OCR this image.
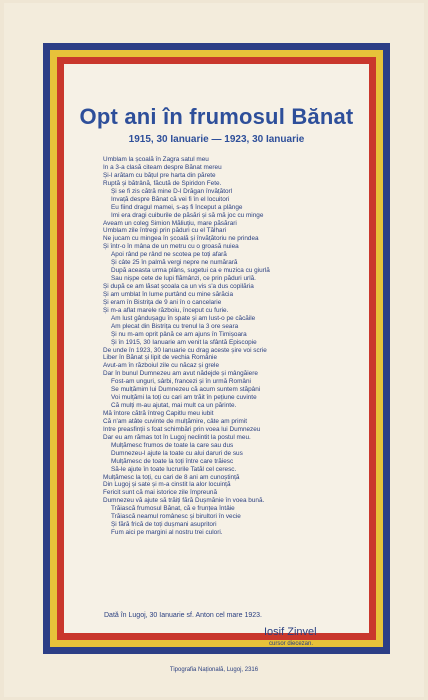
Opt ani în frumosul Bănat
1915, 30 Ianuarie — 1923, 30 Ianuarie
Umblam la școală în Zagra satul meu
In a 3-a clasă citeam despre Bănat mereu
Și-l arătam cu bățul pre harta din părete
Ruptă și bătrână, făcută de Spiridon Fete.
Și se fi zis cătră mine D-l Drăgan învățătorl
Invață despre Bănat că vei fi în el locuitori
Eu fiind dragul mamei, s-aș fi început a plânge
Imi era dragi cuiburile de păsări și să mă joc cu minge
Aveam un coleg Simion Măliuțiu, mare păsărari
Umblam zile întregi prin păduri cu el Tălhari
Ne jucam cu mingea în școală și învățătoriu ne prindea
Și într-o în mâna de un metru cu o groasă nuiea
Apoi rând pe rând ne scotea pe toți afară
Și câte 25 în palmă vergi nepre ne numărară
După aceasta urma plâns, sugetui ca e muzica cu giurlă
Sau nișpe cete de lupi flămânzi, ce prin păduri urlă.
Și după ce am lăsat școala ca un vis s'a dus copilăria
Și am umblat în lume purtând cu mine sărăcia
Și eram în Bistrița de 9 ani în o cancelarie
Și m-a aflat marele războiu, început cu furie.
Am lust gândușagu în spate și am lust-o pe căcăile
Am plecat din Bistrița cu trenul la 3 ore seara
Și nu m-am oprit până ce am ajuns în Timișoara
Și în 1915, 30 Ianuarie am venit la sfântă Episcopie
De unde în 1923, 30 Ianuarie cu drag aceste șire voi scrie
Liber în Bănat și lipit de vechia Românie
Avut-am în războiul zile cu năcaz și grele
Dar în bunul Dumnezeu am avut nădejde și mângăiere
Fost-am unguri, sârbi, francezi și în urmă Români
Se mulțămim lui Dumnezeu că acum suntem stăpâni
Voi mulțămi la toți cu cari am trăit în pețiune cuvinte
Că mulți m-au ajutat, mai mult ca un părinte.
Mă întore cătră întreg Capitlu meu iubit
Că n'am atâte cuvinte de mulțămire, câte am primit
Intre preasfinții s foat schimbări prin voea lui Dumnezeu
Dar eu am rămas tot în Lugoj neclintit la postul meu.
Mulțămesc frumos de toate la care sau dus
Dumnezeu-l ajute la toate cu alui daruri de sus
Mulțămesc de toate la toți între care trăiesc
Să-le ajute în toate lucrurile Tatăl cel ceresc.
Mulțămesc la toți, cu cari de 8 ani am cunoștință
Din Lugoj și sate și m-a cinstit la alor locuință
Fericit sunt că mai istorice zile împreună
Dumnezeu vă ajute să trăiți fără Dușmănie în voea bună.
Trăiască frumosul Bănat, că e frunțea întâie
Trăiască neamul românesc și birultori în vecie
Și fără frică de toți dușmani asupritori
Fum aici pe margini al nostru trei culori.
Dată în Lugoj, 30 Ianuarie sf. Anton cel mare 1923.
Iosif Zinvel
cursor diecezan.
Tipografia Națională, Lugoj, 2316
